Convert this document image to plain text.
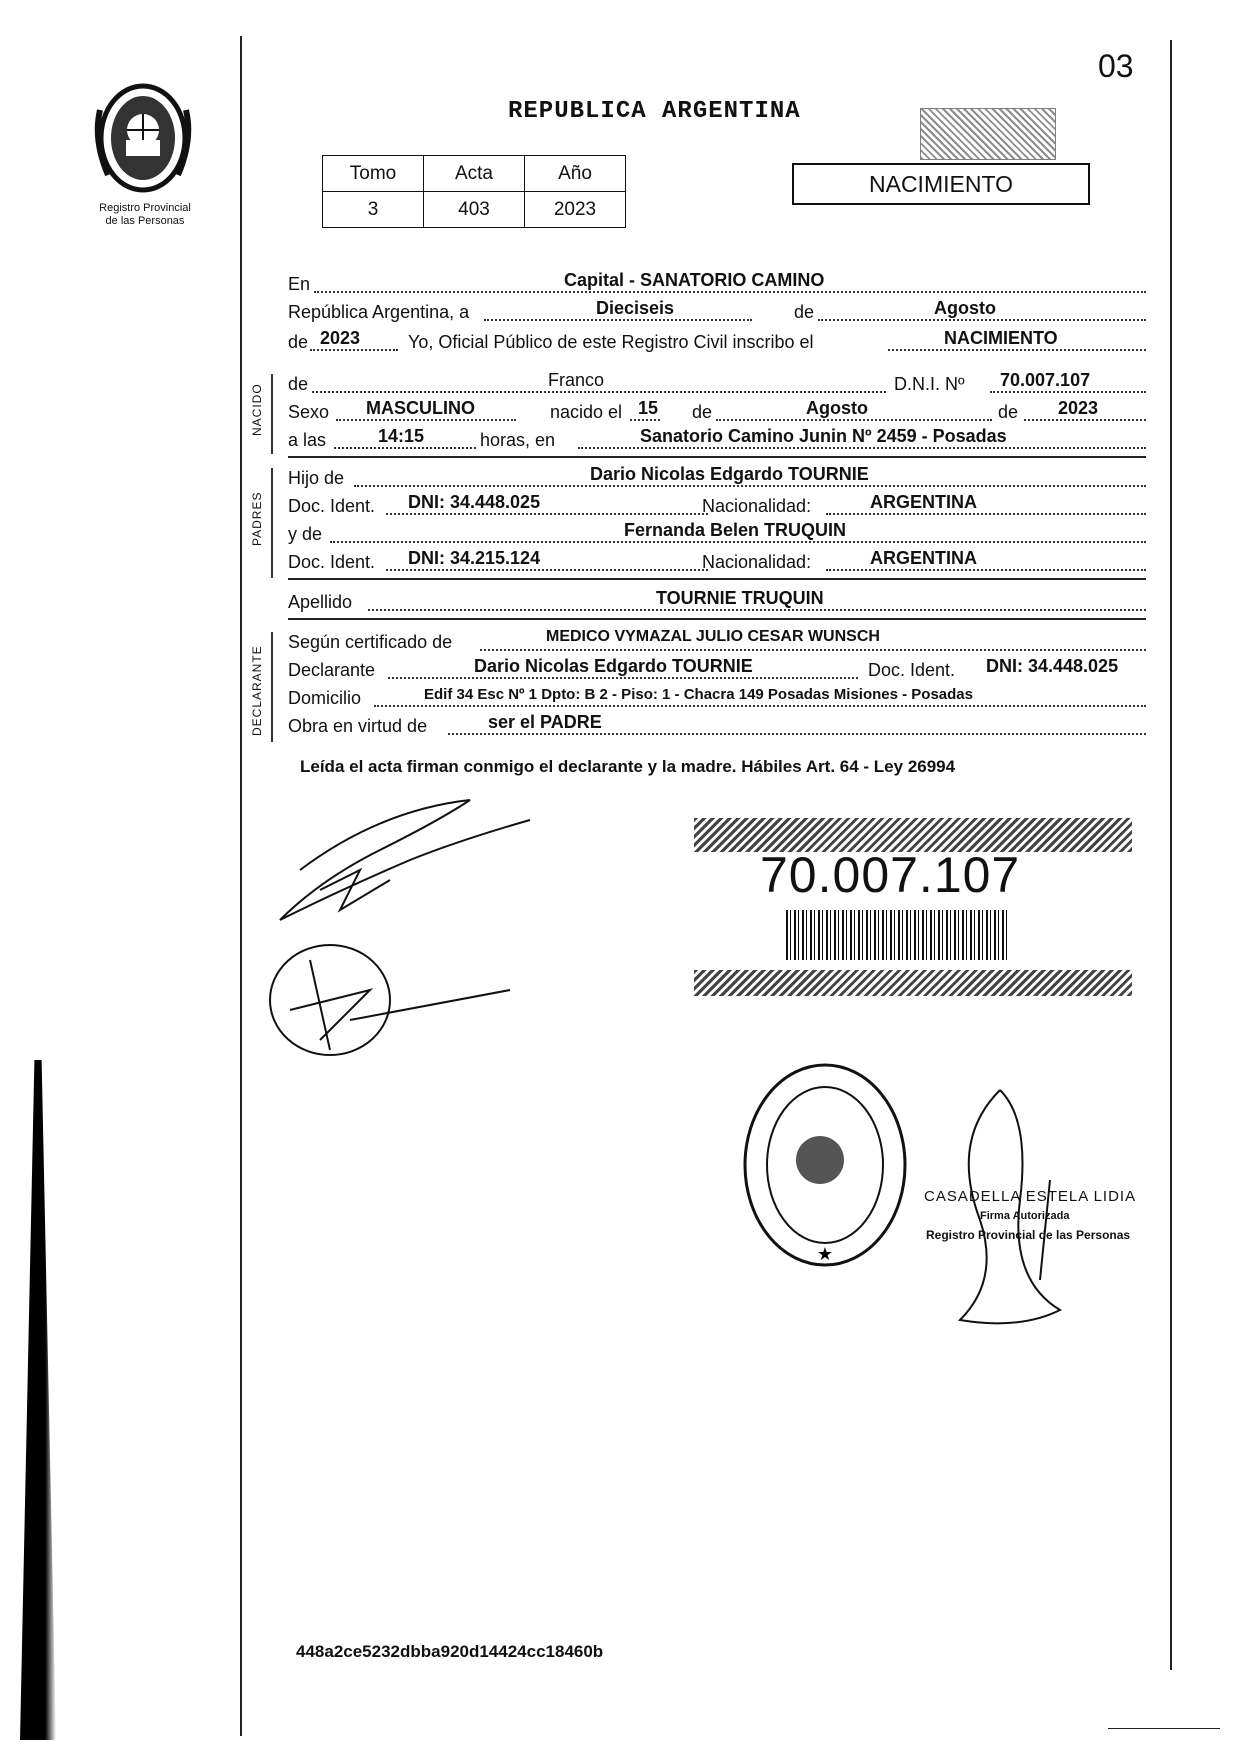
03
Registro Provincial
de las Personas
REPUBLICA ARGENTINA
NACIMIENTO
Tomo	Acta	Año
3	403	2023
En	Capital - SANATORIO CAMINO
República Argentina, a	Dieciseis	de	Agosto
de 2023	Yo, Oficial Público de este Registro Civil inscribo el	NACIMIENTO
NACIDO de	Franco	D.N.I. Nº 70.007.107
Sexo MASCULINO	nacido el 15 de	Agosto	de 2023
a las	14:15	horas, en	Sanatorio Camino Junin Nº 2459 - Posadas
PADRES
Hijo de	Dario Nicolas Edgardo TOURNIE
Doc. Ident. DNI: 34.448.025	Nacionalidad:	ARGENTINA
y de	Fernanda Belen TRUQUIN
Doc. Ident. DNI: 34.215.124	Nacionalidad:	ARGENTINA
Apellido	TOURNIE TRUQUIN
DECLARANTE
Según certificado de	MEDICO VYMAZAL JULIO CESAR WUNSCH
Declarante	Dario Nicolas Edgardo TOURNIE	Doc. Ident. DNI: 34.448.025
Domicilio	Edif 34 Esc Nº 1 Dpto: B 2 - Piso: 1 - Chacra 149 Posadas Misiones - Posadas
Obra en virtud de	ser el PADRE
Leída el acta firman conmigo el declarante y la madre. Hábiles Art. 64 - Ley 26994
70.007.107
★
REGISTRO PROVINCIAL DE LAS PERSONAS · SANATORIO CAMINO
CASADELLA ESTELA LIDIA
Firma Autorizada
Registro Provincial de las Personas
448a2ce5232dbba920d14424cc18460b
